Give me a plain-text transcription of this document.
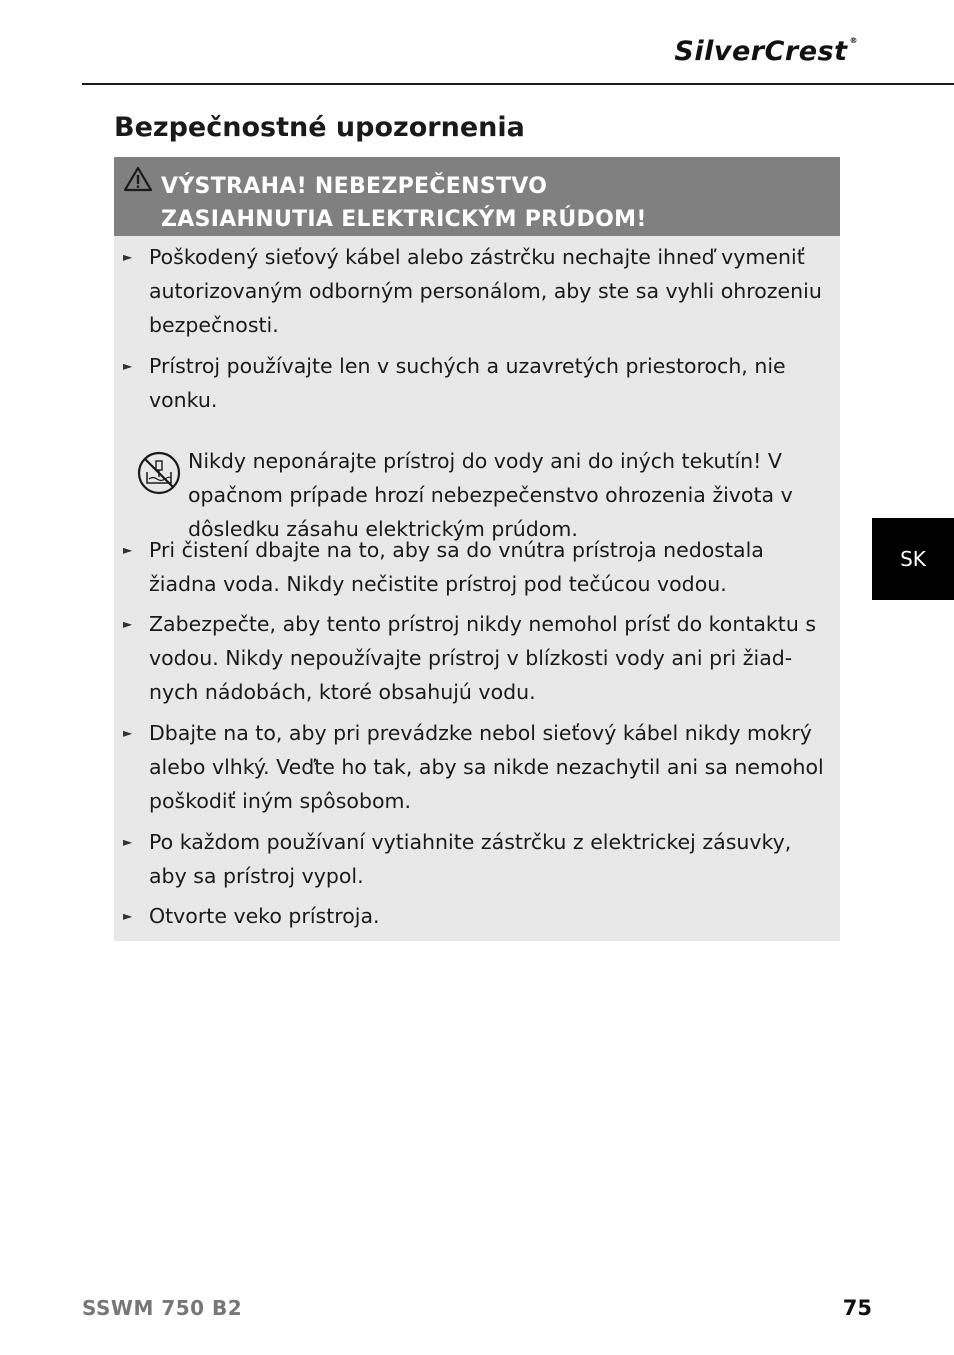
SilverCrest ®
Bezpečnostné upozornenia

VÝSTRAHA! NEBEZPEČENSTVO
ZASIAHNUTIA ELEKTRICKÝM PRÚDOM!

► Poškodený sieťový kábel alebo zástrčku nechajte ihneď vymeniť autorizovaným odborným personálom, aby ste sa vyhli ohrozeniu bezpečnosti.
► Prístroj používajte len v suchých a uzavretých priestoroch, nie vonku.
► Pri čistení dbajte na to, aby sa do vnútra prístroja nedostala žiadna voda. Nikdy nečistite prístroj pod tečúcou vodou.
► Zabezpečte, aby tento prístroj nikdy nemohol prísť do kontaktu s vodou. Nikdy nepoužívajte prístroj v blízkosti vody ani pri žiad-nych nádobách, ktoré obsahujú vodu.
► Dbajte na to, aby pri prevádzke nebol sieťový kábel nikdy mokrý alebo vlhký. Veďte ho tak, aby sa nikde nezachytil ani sa nemohol poškodiť iným spôsobom.
► Po každom používaní vytiahnite zástrčku z elektrickej zásuvky, aby sa prístroj vypol.
► Otvorte veko prístroja.

Nikdy neponárajte prístroj do vody ani do iných tekutín! V opačnom prípade hrozí nebezpečenstvo ohrozenia života v dôsledku zásahu elektrickým prúdom.

SK
SSWM 750 B2	75
